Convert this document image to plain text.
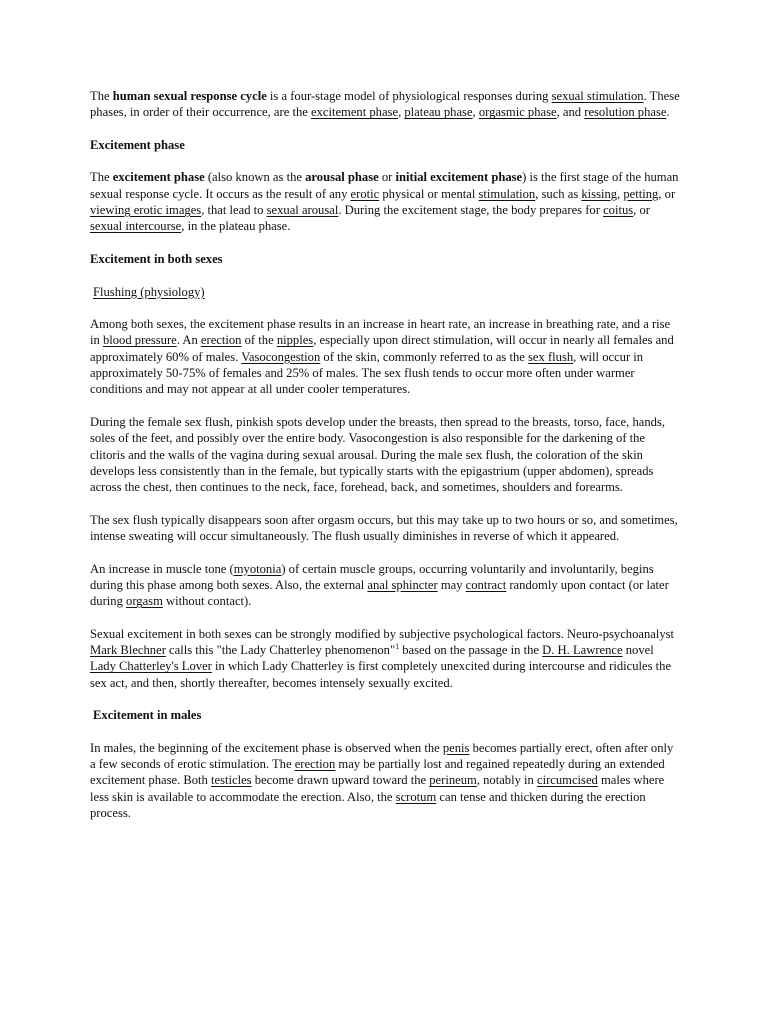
The human sexual response cycle is a four-stage model of physiological responses during sexual stimulation. These phases, in order of their occurrence, are the excitement phase, plateau phase, orgasmic phase, and resolution phase.

Excitement phase

The excitement phase (also known as the arousal phase or initial excitement phase) is the first stage of the human sexual response cycle. It occurs as the result of any erotic physical or mental stimulation, such as kissing, petting, or viewing erotic images, that lead to sexual arousal. During the excitement stage, the body prepares for coitus, or sexual intercourse, in the plateau phase.

Excitement in both sexes

Flushing (physiology)

Among both sexes, the excitement phase results in an increase in heart rate, an increase in breathing rate, and a rise in blood pressure. An erection of the nipples, especially upon direct stimulation, will occur in nearly all females and approximately 60% of males. Vasocongestion of the skin, commonly referred to as the sex flush, will occur in approximately 50-75% of females and 25% of males. The sex flush tends to occur more often under warmer conditions and may not appear at all under cooler temperatures.

During the female sex flush, pinkish spots develop under the breasts, then spread to the breasts, torso, face, hands, soles of the feet, and possibly over the entire body. Vasocongestion is also responsible for the darkening of the clitoris and the walls of the vagina during sexual arousal. During the male sex flush, the coloration of the skin develops less consistently than in the female, but typically starts with the epigastrium (upper abdomen), spreads across the chest, then continues to the neck, face, forehead, back, and sometimes, shoulders and forearms.

The sex flush typically disappears soon after orgasm occurs, but this may take up to two hours or so, and sometimes, intense sweating will occur simultaneously. The flush usually diminishes in reverse of which it appeared.

An increase in muscle tone (myotonia) of certain muscle groups, occurring voluntarily and involuntarily, begins during this phase among both sexes. Also, the external anal sphincter may contract randomly upon contact (or later during orgasm without contact).

Sexual excitement in both sexes can be strongly modified by subjective psychological factors. Neuro-psychoanalyst Mark Blechner calls this "the Lady Chatterley phenomenon"$^1$ based on the passage in the D. H. Lawrence novel Lady Chatterley's Lover in which Lady Chatterley is first completely unexcited during intercourse and ridicules the sex act, and then, shortly thereafter, becomes intensely sexually excited.

Excitement in males

In males, the beginning of the excitement phase is observed when the penis becomes partially erect, often after only a few seconds of erotic stimulation. The erection may be partially lost and regained repeatedly during an extended excitement phase. Both testicles become drawn upward toward the perineum, notably in circumcised males where less skin is available to accommodate the erection. Also, the scrotum can tense and thicken during the erection process.
